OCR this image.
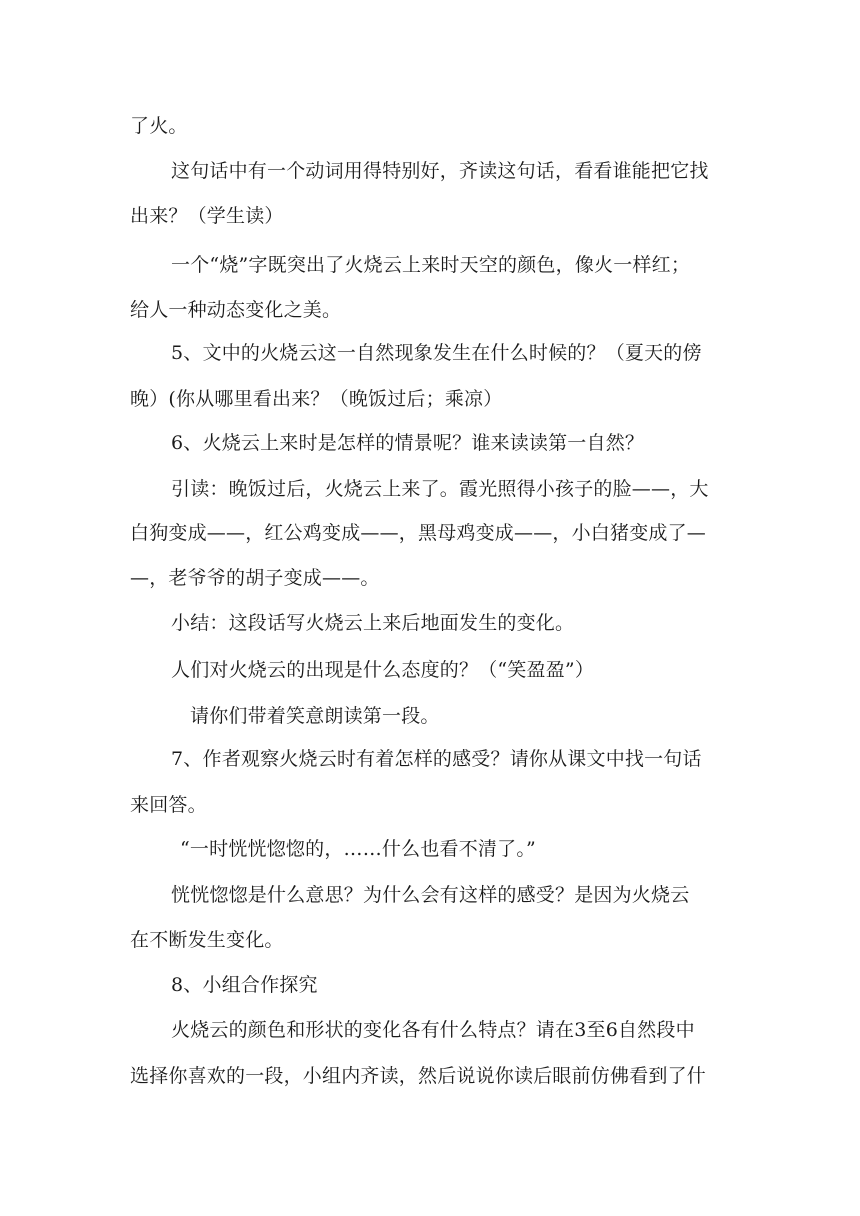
了火。
这句话中有一个动词用得特别好，齐读这句话，看看谁能把它找
出来？（学生读）
一个“烧”字既突出了火烧云上来时天空的颜色，像火一样红；
给人一种动态变化之美。
5、文中的火烧云这一自然现象发生在什么时候的？（夏天的傍
晚）(你从哪里看出来？（晚饭过后；乘凉）
6、火烧云上来时是怎样的情景呢？谁来读读第一自然？
引读：晚饭过后，火烧云上来了。霞光照得小孩子的脸——，大
白狗变成——，红公鸡变成——，黑母鸡变成——，小白猪变成了—
—，老爷爷的胡子变成——。
小结：这段话写火烧云上来后地面发生的变化。
人们对火烧云的出现是什么态度的？（“笑盈盈”）
请你们带着笑意朗读第一段。
7、作者观察火烧云时有着怎样的感受？请你从课文中找一句话
来回答。
“一时恍恍惚惚的，……什么也看不清了。”
恍恍惚惚是什么意思？为什么会有这样的感受？是因为火烧云
在不断发生变化。
8、小组合作探究
火烧云的颜色和形状的变化各有什么特点？请在3至6自然段中
选择你喜欢的一段，小组内齐读，然后说说你读后眼前仿佛看到了什
